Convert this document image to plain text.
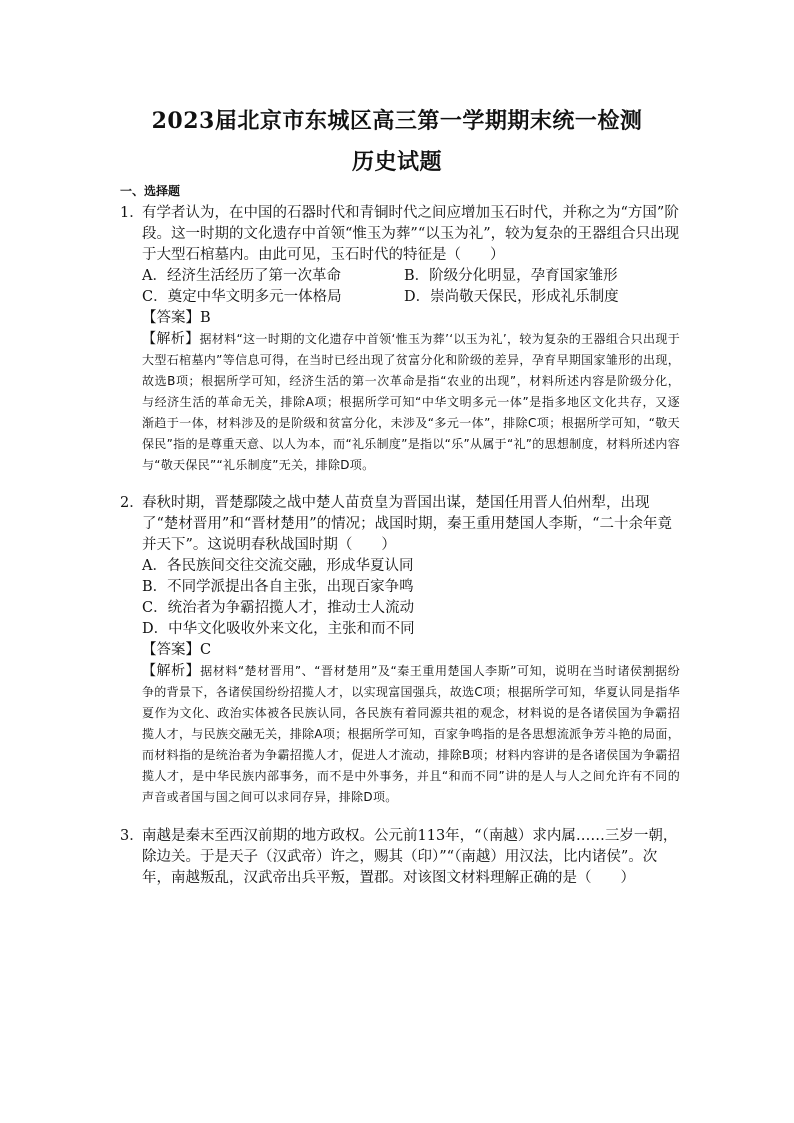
2023届北京市东城区高三第一学期期末统一检测
历史试题
一、选择题
1．
有学者认为，在中国的石器时代和青铜时代之间应增加玉石时代，并称之为“方国”阶段。这一时期的文化遗存中首领“惟玉为葬”“以玉为礼”，较为复杂的王器组合只出现于大型石棺墓内。由此可见，玉石时代的特征是（　　）
A．经济生活经历了第一次革命	B．阶级分化明显，孕育国家雏形
C．奠定中华文明多元一体格局	D．崇尚敬天保民，形成礼乐制度
【答案】B
【解析】据材料“这一时期的文化遗存中首领‘惟玉为葬’‘以玉为礼’，较为复杂的王器组合只出现于大型石棺墓内”等信息可得，在当时已经出现了贫富分化和阶级的差异，孕育早期国家雏形的出现，故选B项；根据所学可知，经济生活的第一次革命是指“农业的出现”，材料所述内容是阶级分化，与经济生活的革命无关，排除A项；根据所学可知“中华文明多元一体”是指多地区文化共存，又逐渐趋于一体，材料涉及的是阶级和贫富分化，未涉及“多元一体”，排除C项；根据所学可知，“敬天保民”指的是尊重天意、以人为本，而“礼乐制度”是指以“乐”从属于“礼”的思想制度，材料所述内容与“敬天保民”“礼乐制度”无关，排除D项。
2．
春秋时期，晋楚鄢陵之战中楚人苗贲皇为晋国出谋，楚国任用晋人伯州犁，出现了“楚材晋用”和“晋材楚用”的情况；战国时期，秦王重用楚国人李斯，“二十余年竟并天下”。这说明春秋战国时期（　　）
A．各民族间交往交流交融，形成华夏认同
B．不同学派提出各自主张，出现百家争鸣
C．统治者为争霸招揽人才，推动士人流动
D．中华文化吸收外来文化，主张和而不同
【答案】C
【解析】据材料“楚材晋用”、“晋材楚用”及“秦王重用楚国人李斯”可知，说明在当时诸侯割据纷争的背景下，各诸侯国纷纷招揽人才，以实现富国强兵，故选C项；根据所学可知，华夏认同是指华夏作为文化、政治实体被各民族认同，各民族有着同源共祖的观念，材料说的是各诸侯国为争霸招揽人才，与民族交融无关，排除A项；根据所学可知，百家争鸣指的是各思想流派争芳斗艳的局面，而材料指的是统治者为争霸招揽人才，促进人才流动，排除B项；材料内容讲的是各诸侯国为争霸招揽人才，是中华民族内部事务，而不是中外事务，并且“和而不同”讲的是人与人之间允许有不同的声音或者国与国之间可以求同存异，排除D项。
3．
南越是秦末至西汉前期的地方政权。公元前113年，“（南越）求内属……三岁一朝，除边关。于是天子（汉武帝）许之，赐其（印）”“（南越）用汉法，比内诸侯”。次年，南越叛乱，汉武帝出兵平叛，置郡。对该图文材料理解正确的是（　　）
